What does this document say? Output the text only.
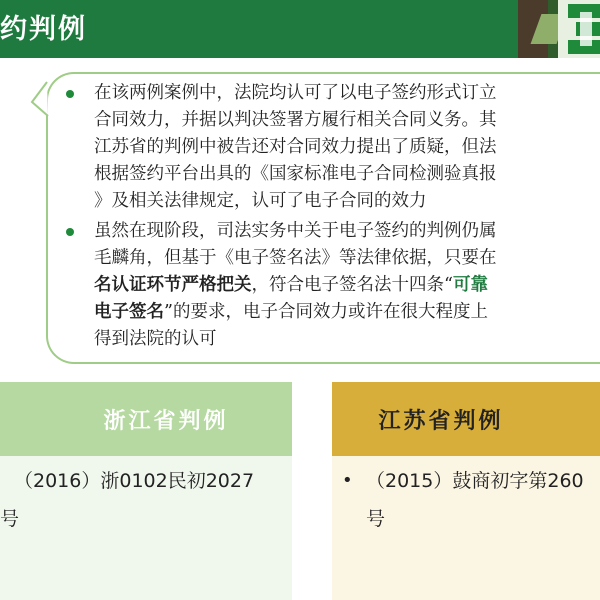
约判例
在该两例案例中，法院均认可了以电子签约形式订立
合同效力，并据以判决签署方履行相关合同义务。其
江苏省的判例中被告还对合同效力提出了质疑，但法
根据签约平台出具的《国家标准电子合同检测验真报
》及相关法律规定，认可了电子合同的效力
虽然在现阶段，司法实务中关于电子签约的判例仍属
毛麟角，但基于《电子签名法》等法律依据，只要在
名认证环节严格把关，符合电子签名法十四条“可靠
电子签名”的要求，电子合同效力或许在很大程度上
得到法院的认可
浙江省判例
（2016）浙0102民初2027
号
江苏省判例
• （2015）鼓商初字第260
号
